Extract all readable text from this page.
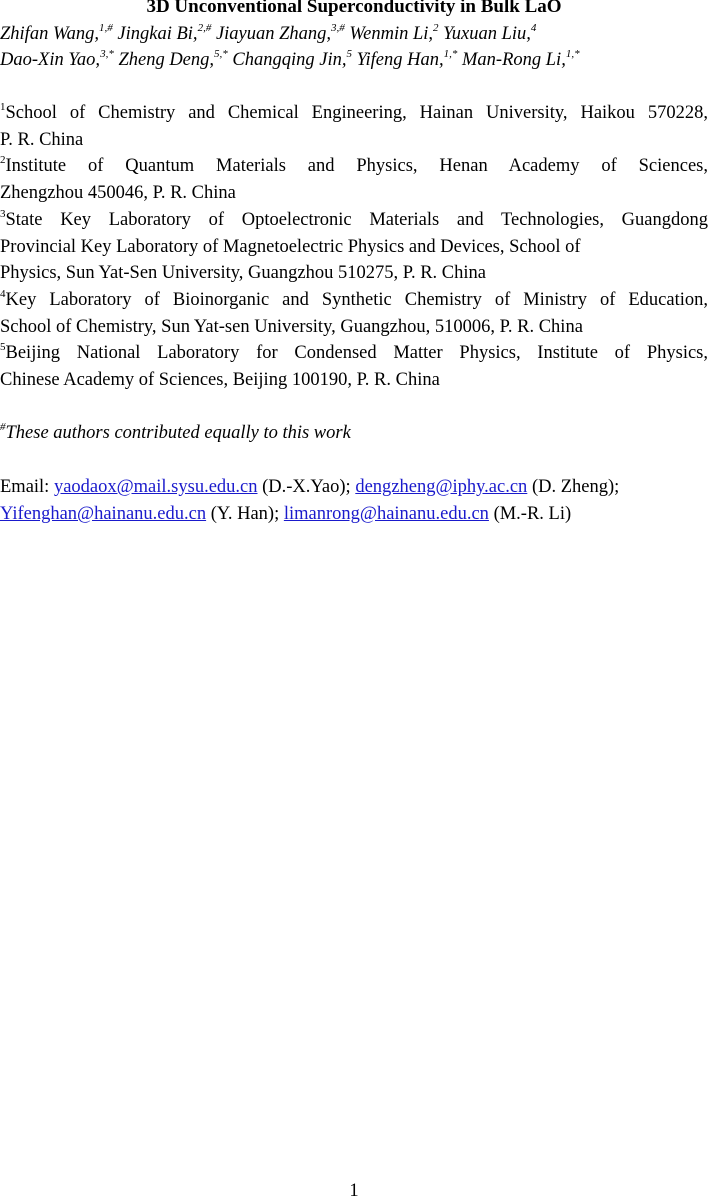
3D Unconventional Superconductivity in Bulk LaO
Zhifan Wang,$^{1,\#}$ Jingkai Bi,$^{2,\#}$ Jiayuan Zhang,$^{3,\#}$ Wenmin Li,$^2$ Yuxuan Liu,$^4$
Dao-Xin Yao,$^{3,*}$ Zheng Deng,$^{5,*}$ Changqing Jin,$^5$ Yifeng Han,$^{1,*}$ Man-Rong Li,$^{1,*}$
$^1$School of Chemistry and Chemical Engineering, Hainan University, Haikou 570228,
P. R. China
$^2$Institute of Quantum Materials and Physics, Henan Academy of Sciences,
Zhengzhou 450046, P. R. China
$^3$State Key Laboratory of Optoelectronic Materials and Technologies, Guangdong
Provincial Key Laboratory of Magnetoelectric Physics and Devices, School of
Physics, Sun Yat-Sen University, Guangzhou 510275, P. R. China
$^4$Key Laboratory of Bioinorganic and Synthetic Chemistry of Ministry of Education,
School of Chemistry, Sun Yat-sen University, Guangzhou, 510006, P. R. China
$^5$Beijing National Laboratory for Condensed Matter Physics, Institute of Physics,
Chinese Academy of Sciences, Beijing 100190, P. R. China
#These authors contributed equally to this work
Email: yaodaox@mail.sysu.edu.cn (D.-X.Yao); dengzheng@iphy.ac.cn (D. Zheng);
Yifenghan@hainanu.edu.cn (Y. Han); limanrong@hainanu.edu.cn (M.-R. Li)
1
